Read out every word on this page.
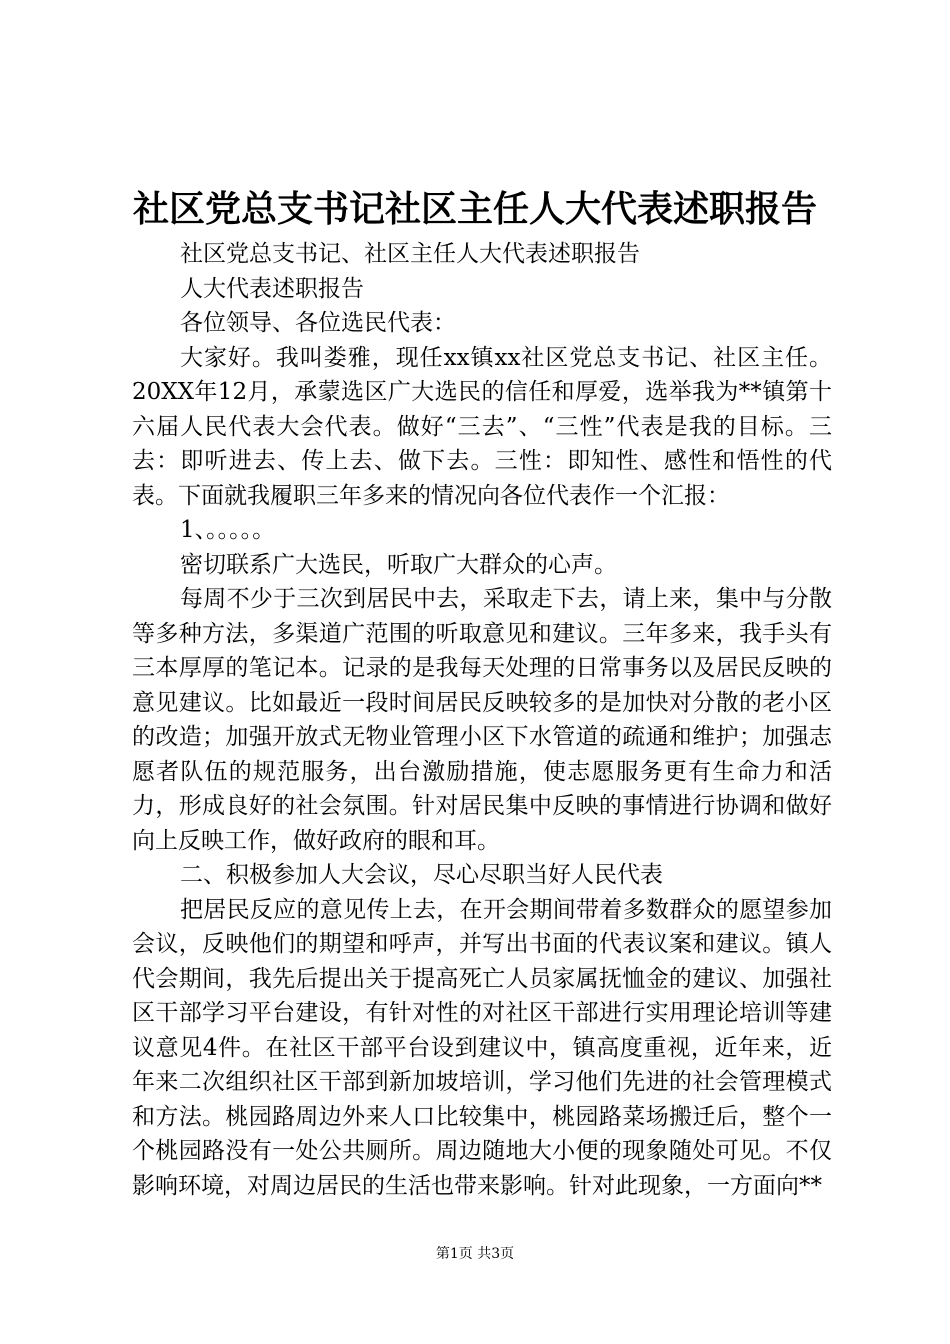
社区党总支书记社区主任人大代表述职报告

社区党总支书记、社区主任人大代表述职报告

人大代表述职报告

各位领导、各位选民代表：

大家好。我叫娄雅，现任xx镇xx社区党总支书记、社区主任。20XX年12月，承蒙选区广大选民的信任和厚爱，选举我为**镇第十六届人民代表大会代表。做好“三去”、“三性”代表是我的目标。三去：即听进去、传上去、做下去。三性：即知性、感性和悟性的代表。下面就我履职三年多来的情况向各位代表作一个汇报：

1、。。。。。

密切联系广大选民，听取广大群众的心声。

每周不少于三次到居民中去，采取走下去，请上来，集中与分散等多种方法，多渠道广范围的听取意见和建议。三年多来，我手头有三本厚厚的笔记本。记录的是我每天处理的日常事务以及居民反映的意见建议。比如最近一段时间居民反映较多的是加快对分散的老小区的改造；加强开放式无物业管理小区下水管道的疏通和维护；加强志愿者队伍的规范服务，出台激励措施，使志愿服务更有生命力和活力，形成良好的社会氛围。针对居民集中反映的事情进行协调和做好向上反映工作，做好政府的眼和耳。

二、积极参加人大会议，尽心尽职当好人民代表

把居民反应的意见传上去，在开会期间带着多数群众的愿望参加会议，反映他们的期望和呼声，并写出书面的代表议案和建议。镇人代会期间，我先后提出关于提高死亡人员家属抚恤金的建议、加强社区干部学习平台建设，有针对性的对社区干部进行实用理论培训等建议意见4件。在社区干部平台设到建议中，镇高度重视，近年来，近年来二次组织社区干部到新加坡培训，学习他们先进的社会管理模式和方法。桃园路周边外来人口比较集中，桃园路菜场搬迁后，整个一个桃园路没有一处公共厕所。周边随地大小便的现象随处可见。不仅影响环境，对周边居民的生活也带来影响。针对此现象，一方面向**

第1页 共3页
